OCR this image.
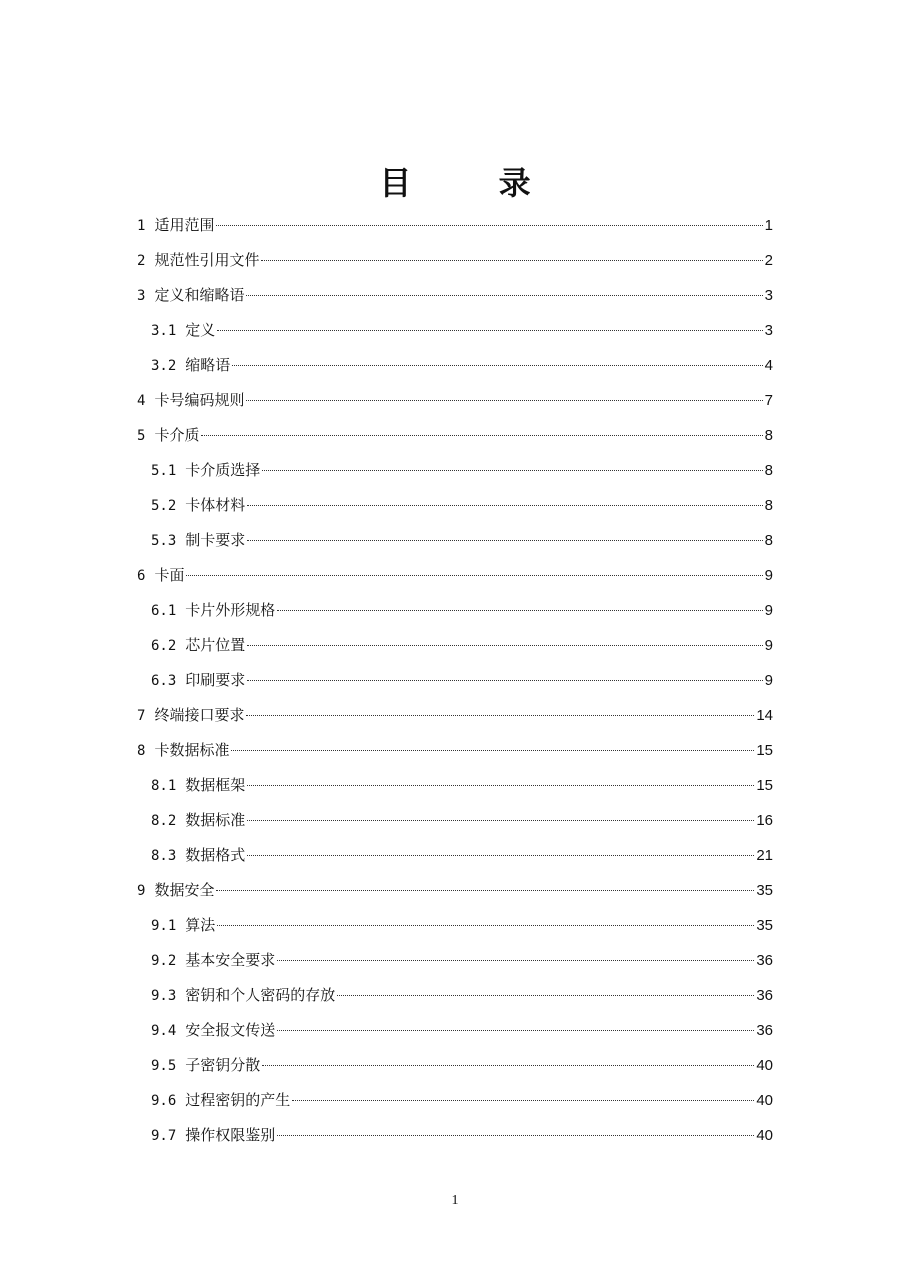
目 录
1 适用范围	1
2 规范性引用文件	2
3 定义和缩略语	3
3.1 定义	3
3.2 缩略语	4
4 卡号编码规则	7
5 卡介质	8
5.1 卡介质选择	8
5.2 卡体材料	8
5.3 制卡要求	8
6 卡面	9
6.1 卡片外形规格	9
6.2 芯片位置	9
6.3 印刷要求	9
7 终端接口要求	14
8 卡数据标准	15
8.1 数据框架	15
8.2 数据标准	16
8.3 数据格式	21
9 数据安全	35
9.1 算法	35
9.2 基本安全要求	36
9.3 密钥和个人密码的存放	36
9.4 安全报文传送	36
9.5 子密钥分散	40
9.6 过程密钥的产生	40
9.7 操作权限鉴别	40
1
